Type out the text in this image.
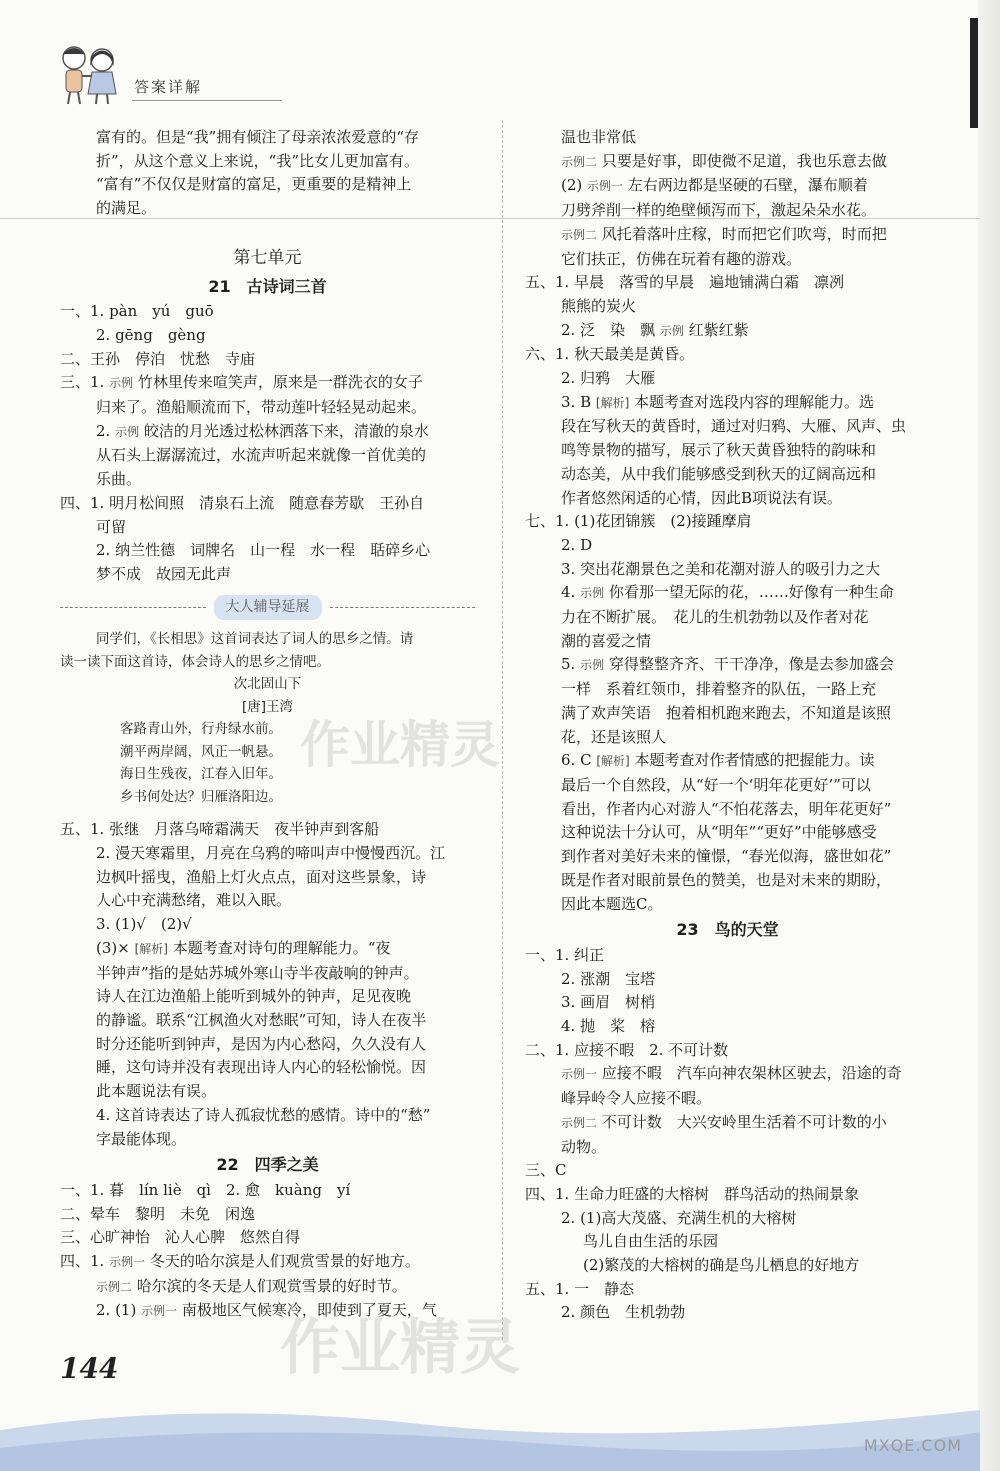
答案详解
富有的。但是“我”拥有倾注了母亲浓浓爱意的“存
折”，从这个意义上来说，“我”比女儿更加富有。
“富有”不仅仅是财富的富足，更重要的是精神上
的满足。
第七单元
21　古诗词三首
一、1. pàn　yú　guō
2. gēng　gèng
二、王孙　停泊　忧愁　寺庙
三、1. 示例 竹林里传来喧笑声，原来是一群洗衣的女子
归来了。渔船顺流而下，带动莲叶轻轻晃动起来。
2. 示例 皎洁的月光透过松林洒落下来，清澈的泉水
从石头上潺潺流过，水流声听起来就像一首优美的
乐曲。
四、1. 明月松间照　清泉石上流　随意春芳歇　王孙自
可留
2. 纳兰性德　词牌名　山一程　水一程　聒碎乡心
梦不成　故园无此声
大人辅导延展
同学们，《长相思》这首词表达了词人的思乡之情。请
读一读下面这首诗，体会诗人的思乡之情吧。
次北固山下
[唐]王湾
客路青山外，行舟绿水前。
潮平两岸阔，风正一帆悬。
海日生残夜，江春入旧年。
乡书何处达？归雁洛阳边。
五、1. 张继　月落乌啼霜满天　夜半钟声到客船
2. 漫天寒霜里，月亮在乌鸦的啼叫声中慢慢西沉。江
边枫叶摇曳，渔船上灯火点点，面对这些景象，诗
人心中充满愁绪，难以入眠。
3. (1)√　(2)√
(3)× [解析] 本题考查对诗句的理解能力。“夜
半钟声”指的是姑苏城外寒山寺半夜敲响的钟声。
诗人在江边渔船上能听到城外的钟声，足见夜晚
的静谧。联系“江枫渔火对愁眠”可知，诗人在夜半
时分还能听到钟声，是因为内心愁闷，久久没有人
睡，这句诗并没有表现出诗人内心的轻松愉悦。因
此本题说法有误。
4. 这首诗表达了诗人孤寂忧愁的感情。诗中的“愁”
字最能体现。
22　四季之美
一、1. 暮　lín liè　qì　2. 愈　kuàng　yí
二、晕车　黎明　未免　闲逸
三、心旷神怡　沁人心脾　悠然自得
四、1. 示例一 冬天的哈尔滨是人们观赏雪景的好地方。
示例二 哈尔滨的冬天是人们观赏雪景的好时节。
2. (1) 示例一 南极地区气候寒冷，即使到了夏天，气
温也非常低
示例二 只要是好事，即使微不足道，我也乐意去做
(2) 示例一 左右两边都是坚硬的石壁，瀑布顺着
刀劈斧削一样的绝壁倾泻而下，激起朵朵水花。
示例二 风托着落叶庄稼，时而把它们吹弯，时而把
它们扶正，仿佛在玩着有趣的游戏。
五、1. 早晨　落雪的早晨　遍地铺满白霜　凛冽
熊熊的炭火
2. 泛　染　飘 示例 红紫红紫
六、1. 秋天最美是黄昏。
2. 归鸦　大雁
3. B [解析] 本题考查对选段内容的理解能力。选
段在写秋天的黄昏时，通过对归鸦、大雁、风声、虫
鸣等景物的描写，展示了秋天黄昏独特的韵味和
动态美，从中我们能够感受到秋天的辽阔高远和
作者悠然闲适的心情，因此B项说法有误。
七、1. (1)花团锦簇　(2)接踵摩肩
2. D
3. 突出花潮景色之美和花潮对游人的吸引力之大
4. 示例 你看那一望无际的花，……好像有一种生命
力在不断扩展。　花儿的生机勃勃以及作者对花
潮的喜爱之情
5. 示例 穿得整整齐齐、干干净净，像是去参加盛会
一样　系着红领巾，排着整齐的队伍，一路上充
满了欢声笑语　抱着相机跑来跑去，不知道是该照
花，还是该照人
6. C [解析] 本题考查对作者情感的把握能力。读
最后一个自然段，从“好一个‘明年花更好’”可以
看出，作者内心对游人“不怕花落去，明年花更好”
这种说法十分认可，从“明年”“更好”中能够感受
到作者对美好未来的憧憬，“春光似海，盛世如花”
既是作者对眼前景色的赞美，也是对未来的期盼，
因此本题选C。
23　鸟的天堂
一、1. 纠正
2. 涨潮　宝塔
3. 画眉　树梢
4. 抛　桨　榕
二、1. 应接不暇　2. 不可计数
示例一 应接不暇　汽车向神农架林区驶去，沿途的奇
峰异岭令人应接不暇。
示例二 不可计数　大兴安岭里生活着不可计数的小
动物。
三、C
四、1. 生命力旺盛的大榕树　群鸟活动的热闹景象
2. (1)高大茂盛、充满生机的大榕树
鸟儿自由生活的乐园
(2)繁茂的大榕树的确是鸟儿栖息的好地方
五、1. 一　静态
2. 颜色　生机勃勃
作业精灵
作业精灵
144
MXQE.COM
